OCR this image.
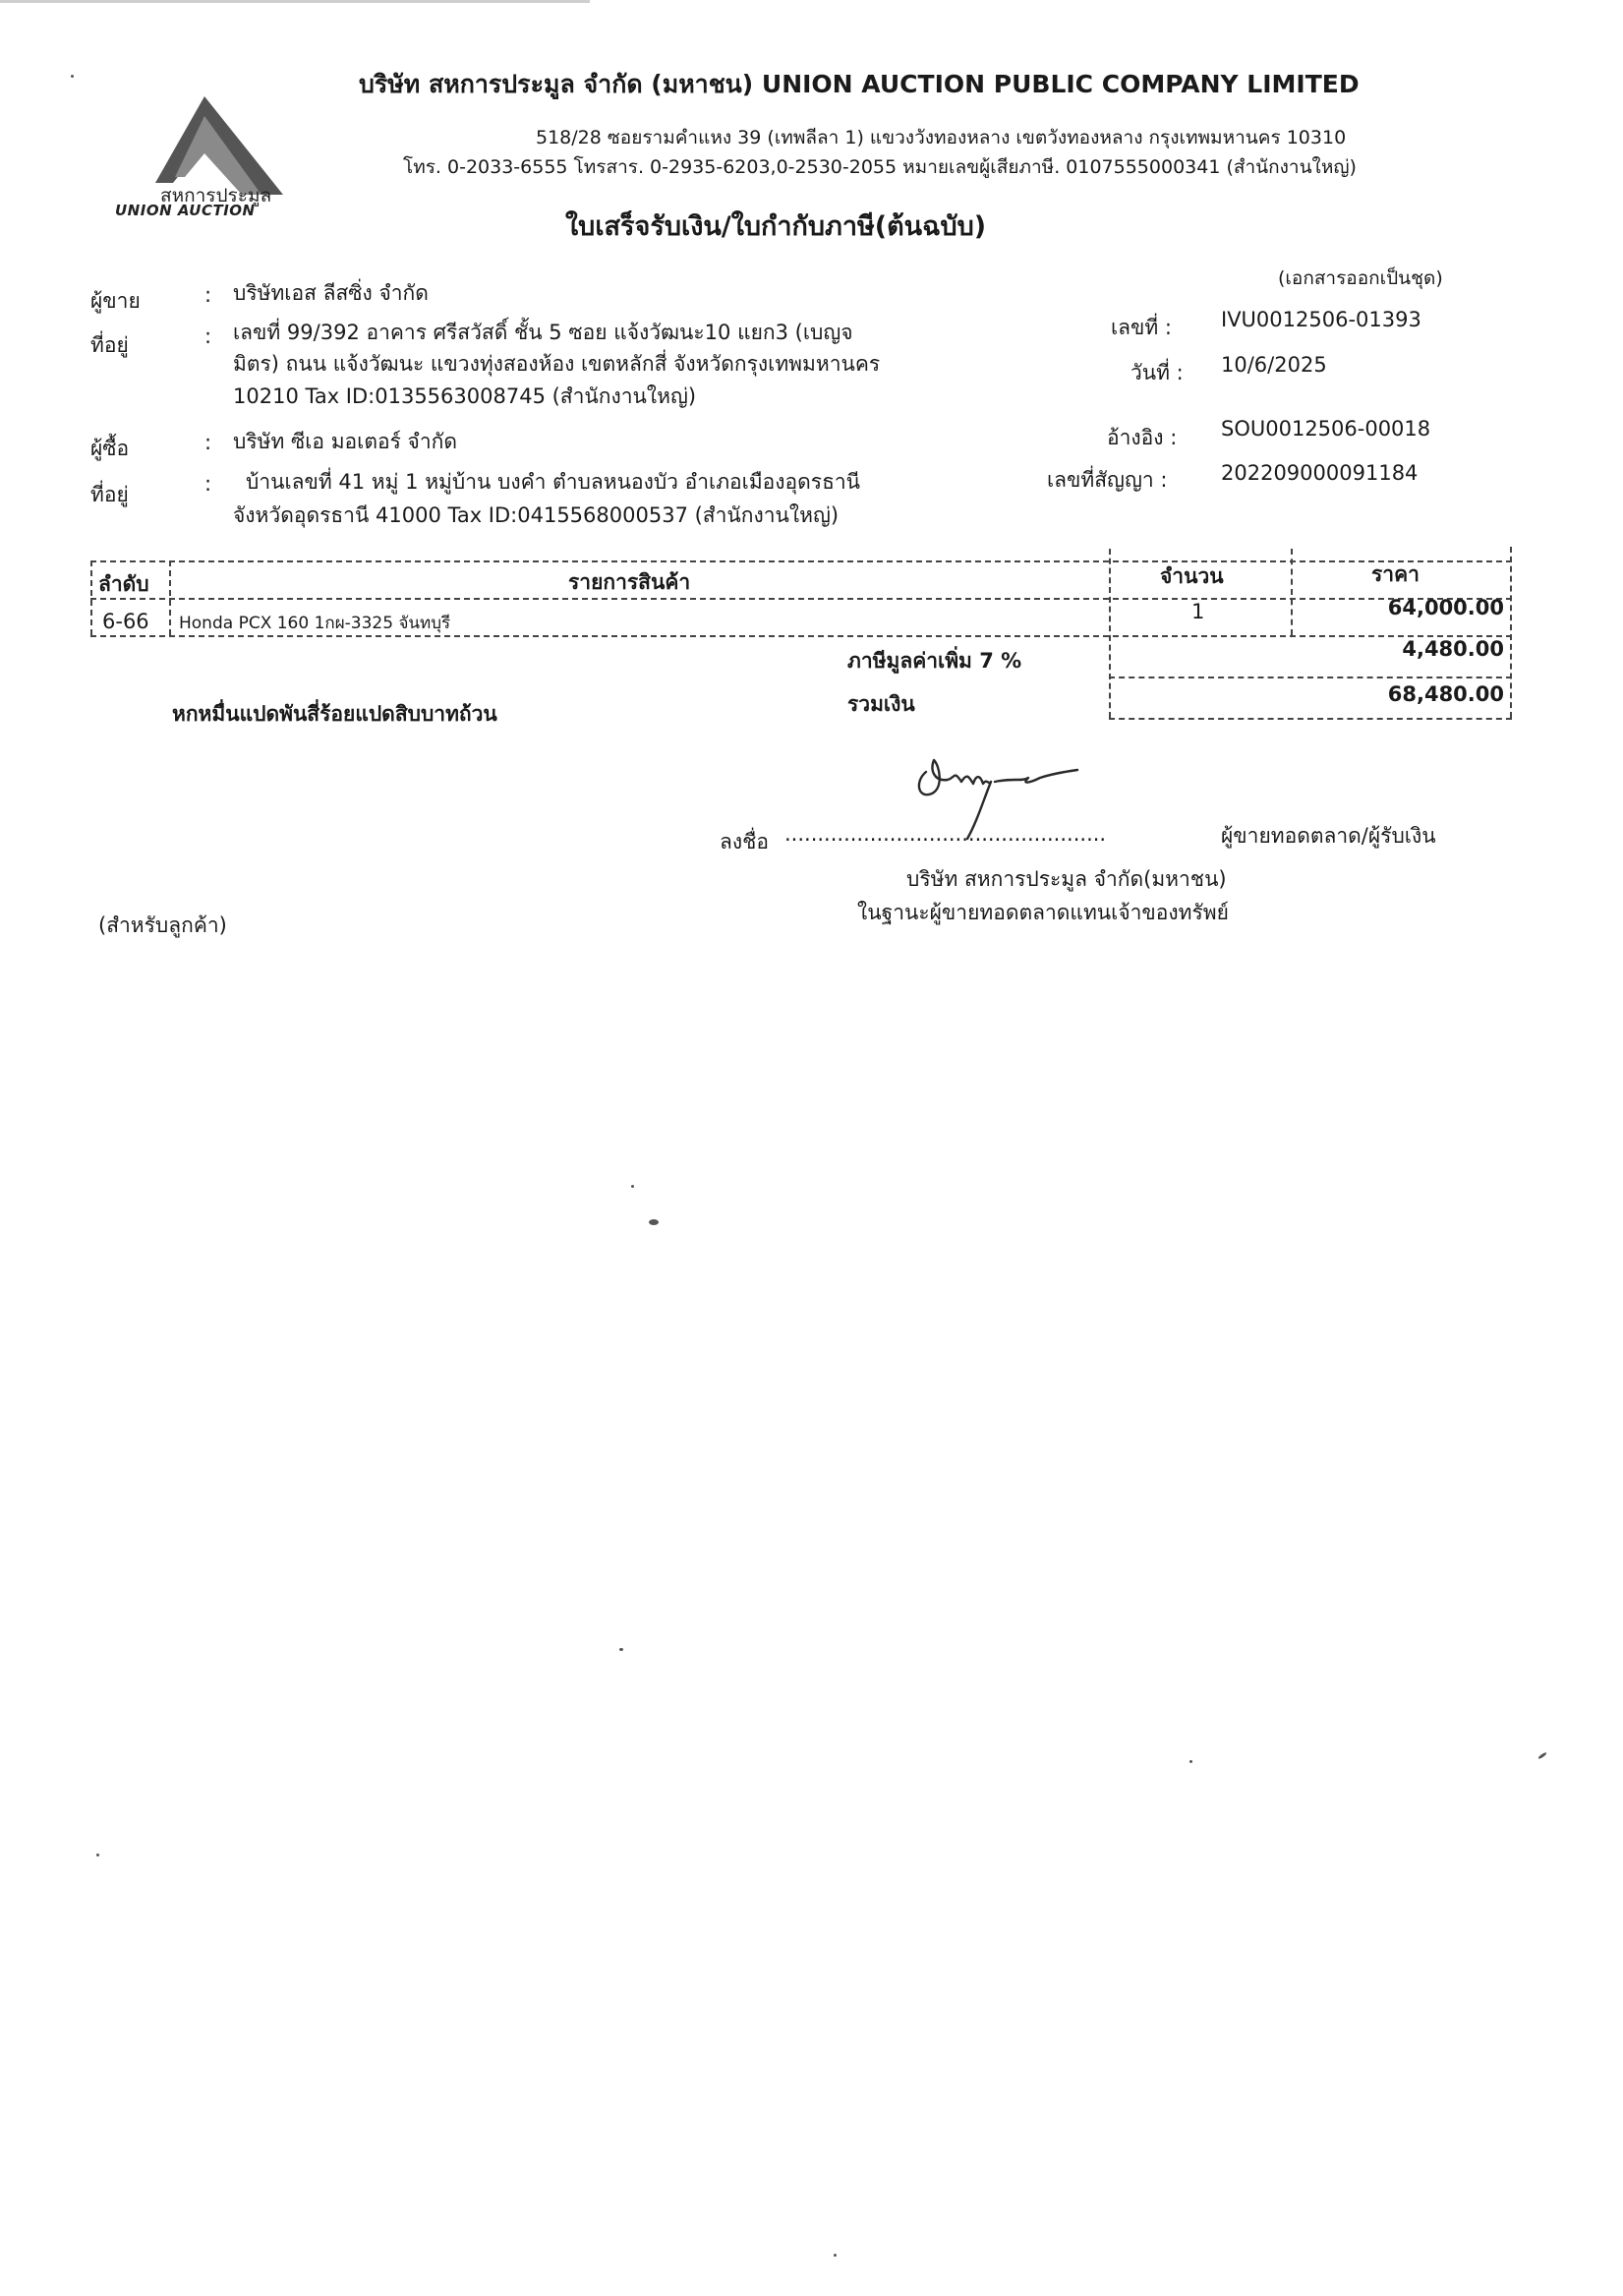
สหการประมูล
UNION AUCTION
บริษัท สหการประมูล จำกัด (มหาชน) UNION AUCTION PUBLIC COMPANY LIMITED
518/28 ซอยรามคำแหง 39 (เทพลีลา 1) แขวงวังทองหลาง เขตวังทองหลาง กรุงเทพมหานคร 10310
โทร. 0-2033-6555 โทรสาร. 0-2935-6203,0-2530-2055 หมายเลขผู้เสียภาษี. 0107555000341 (สำนักงานใหญ่)
ใบเสร็จรับเงิน/ใบกำกับภาษี(ต้นฉบับ)
(เอกสารออกเป็นชุด)
ผู้ขาย	: บริษัทเอส ลีสซิ่ง จำกัด
ที่อยู่	: เลขที่ 99/392 อาคาร ศรีสวัสดิ์ ชั้น 5 ซอย แจ้งวัฒนะ10 แยก3 (เบญจ
มิตร) ถนน แจ้งวัฒนะ แขวงทุ่งสองห้อง เขตหลักสี่ จังหวัดกรุงเทพมหานคร
10210 Tax ID:0135563008745 (สำนักงานใหญ่)
ผู้ซื้อ	: บริษัท ซีเอ มอเตอร์ จำกัด
ที่อยู่	: บ้านเลขที่ 41 หมู่ 1 หมู่บ้าน บงคำ ตำบลหนองบัว อำเภอเมืองอุดรธานี
จังหวัดอุดรธานี 41000 Tax ID:0415568000537 (สำนักงานใหญ่)
เลขที่ : IVU0012506-01393
วันที่ : 10/6/2025
อ้างอิง : SOU0012506-00018
เลขที่สัญญา :	202209000091184
ลำดับ	รายการสินค้า	จำนวน	ราคา
6-66 Honda PCX 160 1กผ-3325 จันทบุรี	1	64,000.00
ภาษีมูลค่าเพิ่ม 7 %	4,480.00
รวมเงิน	68,480.00
หกหมื่นแปดพันสี่ร้อยแปดสิบบาทถ้วน
ลงชื่อ .................................................	ผู้ขายทอดตลาด/ผู้รับเงิน
บริษัท สหการประมูล จำกัด(มหาชน)
ในฐานะผู้ขายทอดตลาดแทนเจ้าของทรัพย์
(สำหรับลูกค้า)
